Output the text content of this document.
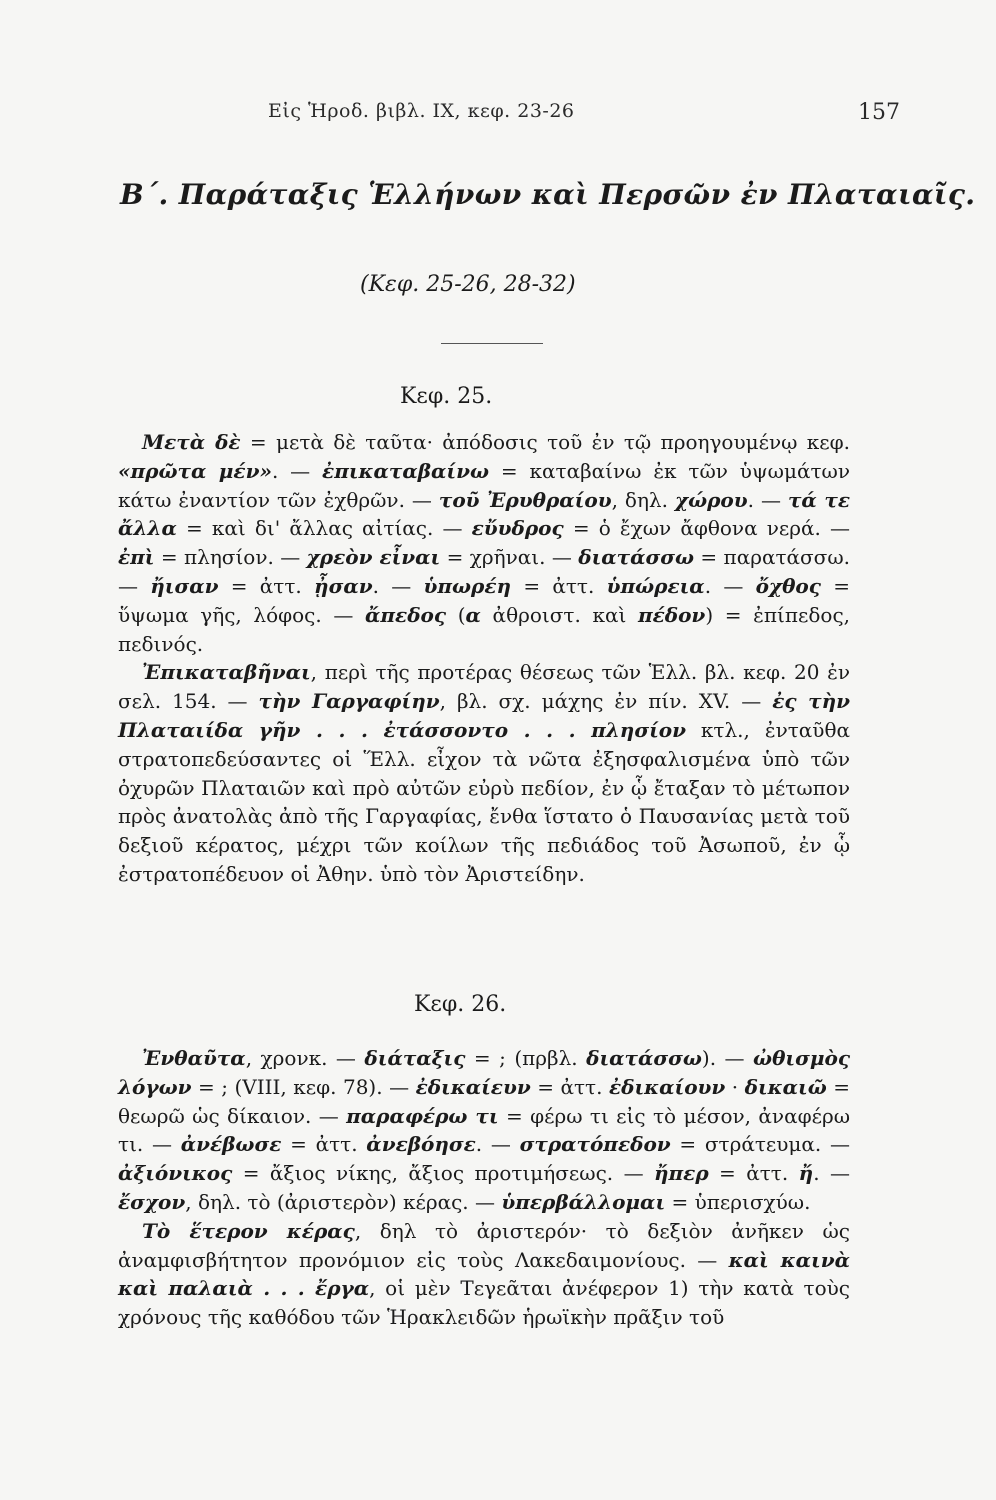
Εἰς Ἡροδ. βιβλ. IX, κεφ. 23-26	157
Β΄. Παράταξις Ἑλλήνων καὶ Περσῶν ἐν Πλαταιαῖς.
(Κεφ. 25-26, 28-32)
Κεφ. 25.

Μετὰ δὲ = μετὰ δὲ ταῦτα· ἀπόδοσις τοῦ ἐν τῷ προηγουμένῳ κεφ. «πρῶτα μέν». — ἐπικαταβαίνω = καταβαίνω ἐκ τῶν ὑψωμάτων κάτω ἐναντίον τῶν ἐχθρῶν. — τοῦ Ἐρυθραίου, δηλ. χώρου. — τά τε ἄλλα = καὶ δι' ἄλλας αἰτίας. — εὔυδρος = ὁ ἔχων ἄφθονα νερά. — ἐπὶ = πλησίον. — χρεὸν εἶναι = χρῆναι. — διατάσσω = παρατάσσω. — ἤισαν = ἀττ. ᾖσαν. — ὑπωρέη = ἀττ. ὑπώρεια. — ὄχθος = ὕψωμα γῆς, λόφος. — ἄπεδος (α ἀθροιστ. καὶ πέδον) = ἐπίπεδος, πεδινός.

Ἐπικαταβῆναι, περὶ τῆς προτέρας θέσεως τῶν Ἑλλ. βλ. κεφ. 20 ἐν σελ. 154. — τὴν Γαργαφίην, βλ. σχ. μάχης ἐν πίν. XV. — ἐς τὴν Πλαταιίδα γῆν . . . ἐτάσσοντο . . . πλησίον κτλ., ἐνταῦθα στρατοπεδεύσαντες οἱ Ἕλλ. εἶχον τὰ νῶτα ἐξησφαλισμένα ὑπὸ τῶν ὀχυρῶν Πλαταιῶν καὶ πρὸ αὐτῶν εὐρὺ πεδίον, ἐν ᾧ ἔταξαν τὸ μέτωπον πρὸς ἀνατολὰς ἀπὸ τῆς Γαργαφίας, ἔνθα ἵστατο ὁ Παυσανίας μετὰ τοῦ δεξιοῦ κέρατος, μέχρι τῶν κοίλων τῆς πεδιάδος τοῦ Ἀσωποῦ, ἐν ᾧ ἐστρατοπέδευον οἱ Ἀθην. ὑπὸ τὸν Ἀριστείδην.

Κεφ. 26.

Ἐνθαῦτα, χρονκ. — διάταξις = ; (πρβλ. διατάσσω). — ὠθισμὸς λόγων = ; (VIII, κεφ. 78). — ἐδικαίευν = ἀττ. ἐδικαίουν · δικαιῶ = θεωρῶ ὡς δίκαιον. — παραφέρω τι = φέρω τι εἰς τὸ μέσον, ἀναφέρω τι. — ἀνέβωσε = ἀττ. ἀνεβόησε. — στρατόπεδον = στράτευμα. — ἀξιόνικος = ἄξιος νίκης, ἄξιος προτιμήσεως. — ἤπερ = ἀττ. ἤ. — ἔσχον, δηλ. τὸ (ἀριστερὸν) κέρας. — ὑπερβάλλομαι = ὑπερισχύω.

Τὸ ἕτερον κέρας, δηλ τὸ ἀριστερόν· τὸ δεξιὸν ἀνῆκεν ὡς ἀναμφισβήτητον προνόμιον εἰς τοὺς Λακεδαιμονίους. — καὶ καινὰ καὶ παλαιὰ . . . ἔργα, οἱ μὲν Τεγεᾶται ἀνέφερον 1) τὴν κατὰ τοὺς χρόνους τῆς καθόδου τῶν Ἡρακλειδῶν ἡρωϊκὴν πρᾶξιν τοῦ
